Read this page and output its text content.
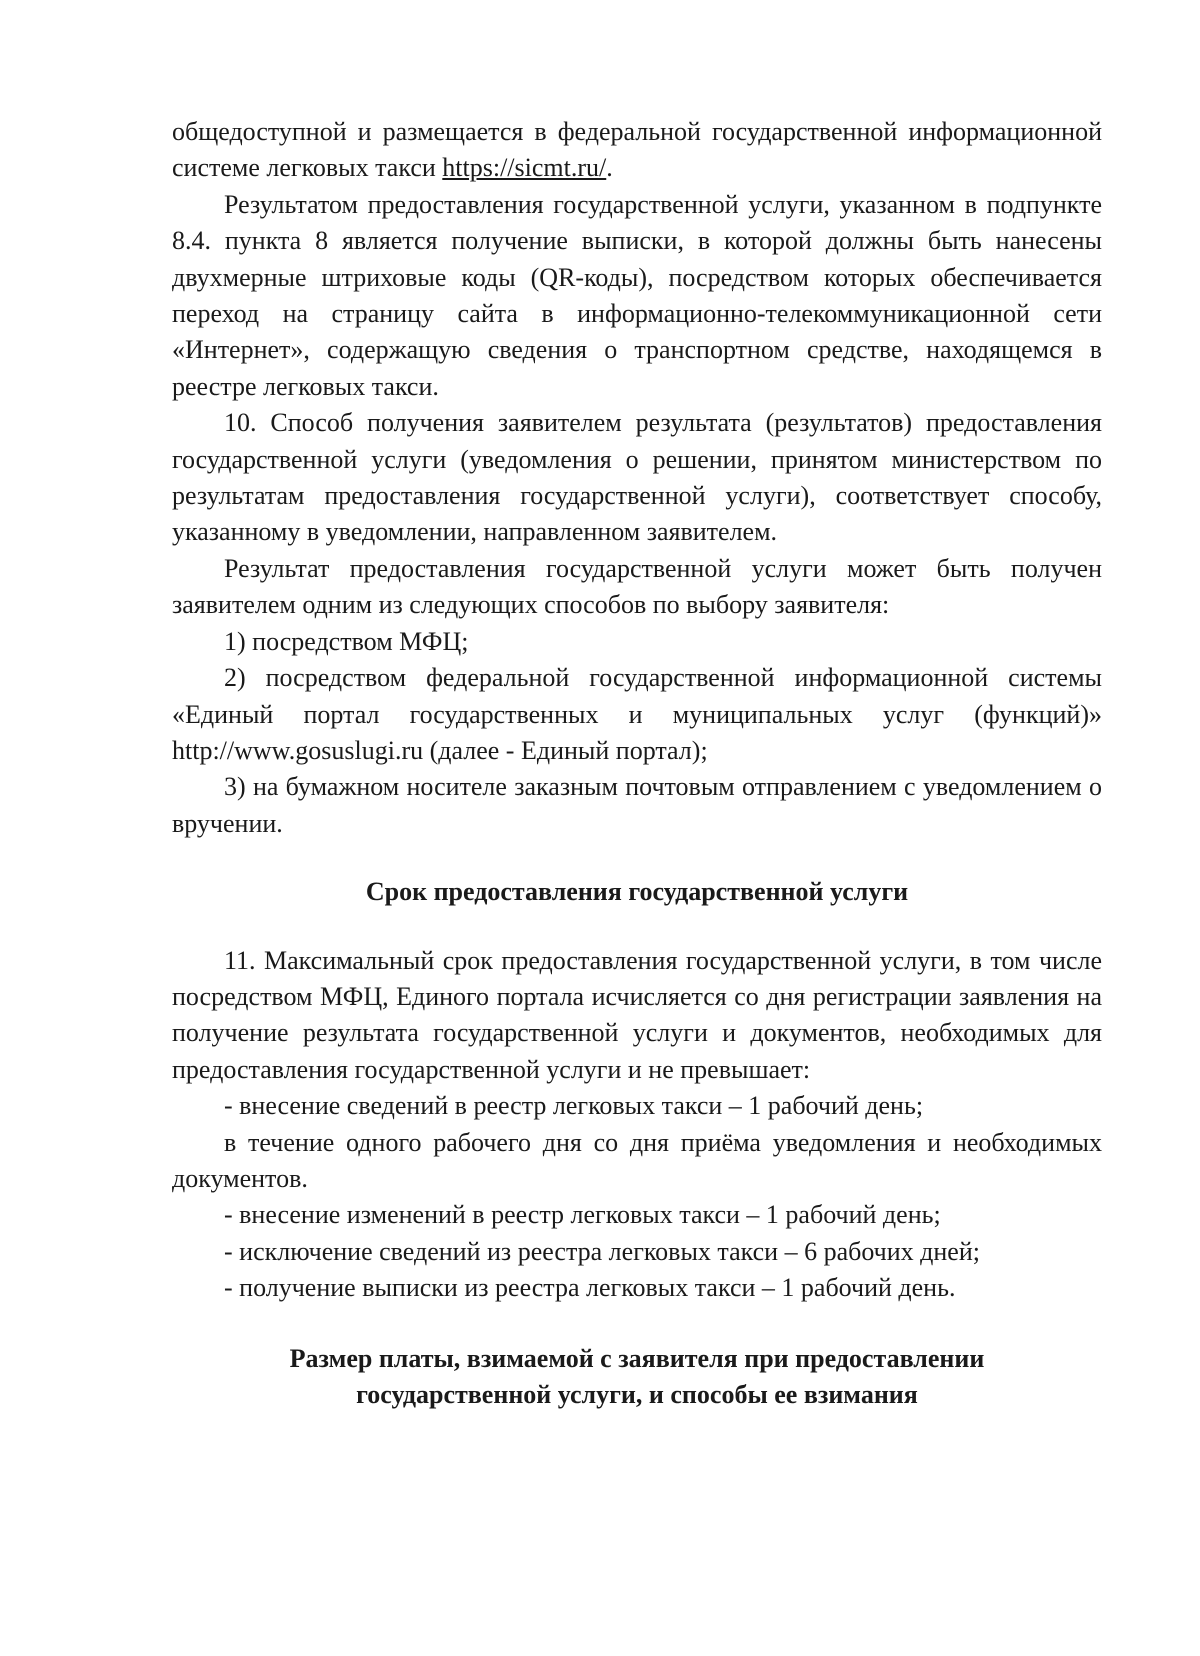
общедоступной и размещается в федеральной государственной информационной системе легковых такси https://sicmt.ru/.

Результатом предоставления государственной услуги, указанном в подпункте 8.4. пункта 8 является получение выписки, в которой должны быть нанесены двухмерные штриховые коды (QR-коды), посредством которых обеспечивается переход на страницу сайта в информационно-телекоммуникационной сети «Интернет», содержащую сведения о транспортном средстве, находящемся в реестре легковых такси.

10. Способ получения заявителем результата (результатов) предоставления государственной услуги (уведомления о решении, принятом министерством по результатам предоставления государственной услуги), соответствует способу, указанному в уведомлении, направленном заявителем.

Результат предоставления государственной услуги может быть получен заявителем одним из следующих способов по выбору заявителя:

1) посредством МФЦ;

2) посредством федеральной государственной информационной системы «Единый портал государственных и муниципальных услуг (функций)» http://www.gosuslugi.ru (далее - Единый портал);

3) на бумажном носителе заказным почтовым отправлением с уведомлением о вручении.

Срок предоставления государственной услуги

11. Максимальный срок предоставления государственной услуги, в том числе посредством МФЦ, Единого портала исчисляется со дня регистрации заявления на получение результата государственной услуги и документов, необходимых для предоставления государственной услуги и не превышает:

- внесение сведений в реестр легковых такси – 1 рабочий день;

в течение одного рабочего дня со дня приёма уведомления и необходимых документов.

- внесение изменений в реестр легковых такси – 1 рабочий день;

- исключение сведений из реестра легковых такси – 6 рабочих дней;

- получение выписки из реестра легковых такси – 1 рабочий день.

Размер платы, взимаемой с заявителя при предоставлении

государственной услуги, и способы ее взимания
